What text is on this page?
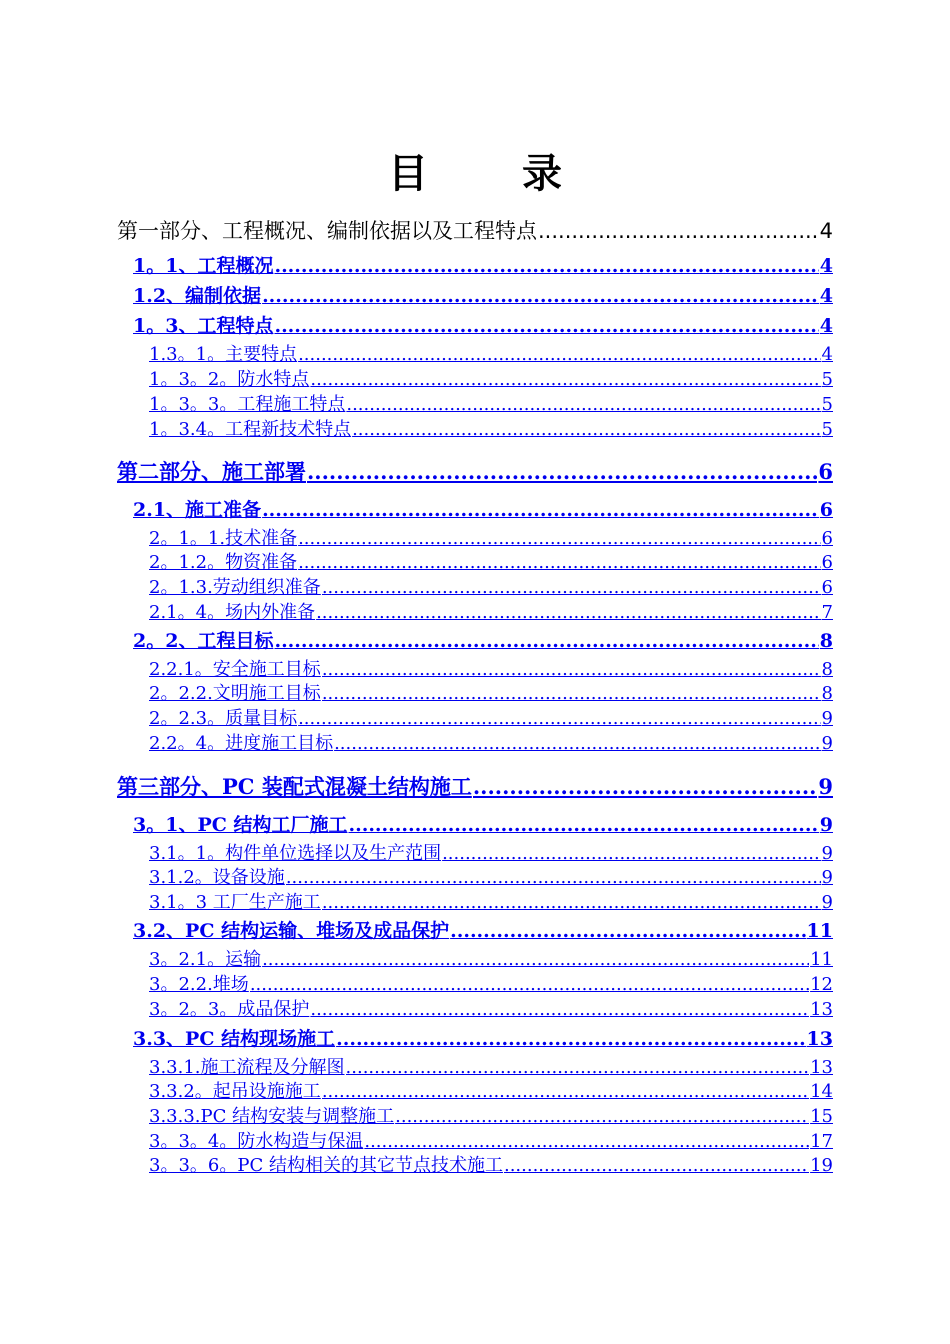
目 录
第一部分、工程概况、编制依据以及工程特点 .....	4
1。1、工程概况 .....	4
1.2、编制依据 .....	4
1。3、工程特点 .....	4
1.3。1。主要特点 .....	4
1。3。2。防水特点 .....	5
1。3。3。工程施工特点 .....	5
1。3.4。工程新技术特点 .....	5
第二部分、施工部署 .....	6
2.1、施工准备 .....	6
2。1。1.技术准备 .....	6
2。1.2。物资准备 .....	6
2。1.3.劳动组织准备 .....	6
2.1。4。场内外准备 .....	7
2。2、工程目标 .....	8
2.2.1。安全施工目标 .....	8
2。2.2.文明施工目标 .....	8
2。2.3。质量目标 .....	9
2.2。4。进度施工目标 .....	9
第三部分、PC 装配式混凝土结构施工 .....	9
3。1、PC 结构工厂施工 .....	9
3.1。1。构件单位选择以及生产范围 .....	9
3.1.2。设备设施 .....	9
3.1。3 工厂生产施工 .....	9
3.2、PC 结构运输、堆场及成品保护 .....	11
3。2.1。运输 .....	11
3。2.2.堆场 .....	12
3。2。3。成品保护 .....	13
3.3、PC 结构现场施工 .....	13
3.3.1.施工流程及分解图 .....	13
3.3.2。起吊设施施工 .....	14
3.3.3.PC 结构安装与调整施工 .....	15
3。3。4。防水构造与保温 .....	17
3。3。6。PC 结构相关的其它节点技术施工 .....	19
